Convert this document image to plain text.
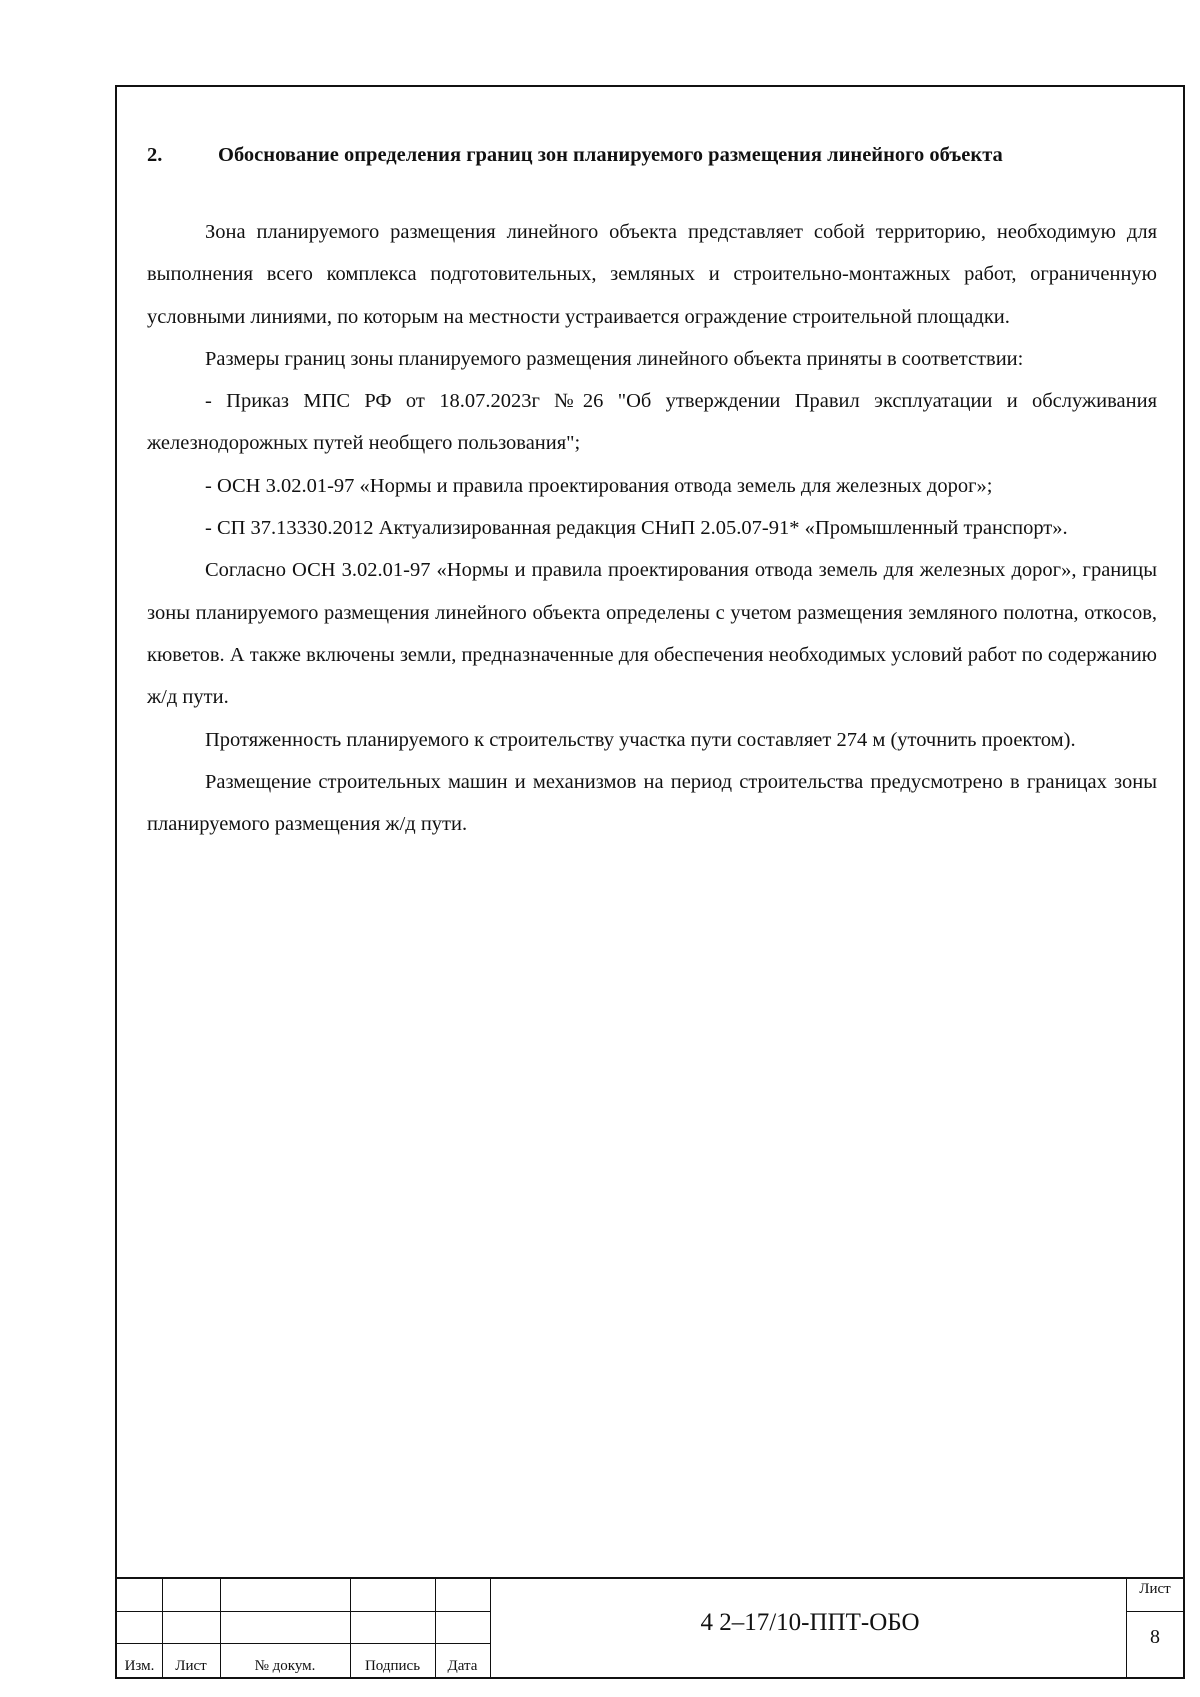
2.	Обоснование определения границ зон планируемого размещения линейного объекта

Зона планируемого размещения линейного объекта представляет собой территорию, необходимую для выполнения всего комплекса подготовительных, земляных и строительно-монтажных работ, ограниченную условными линиями, по которым на местности устраивается ограждение строительной площадки.

Размеры границ зоны планируемого размещения линейного объекта приняты в соответствии:

- Приказ МПС РФ от 18.07.2023г №26 "Об утверждении Правил эксплуатации и обслуживания железнодорожных путей необщего пользования";

- ОСН 3.02.01-97 «Нормы и правила проектирования отвода земель для железных дорог»;

- СП 37.13330.2012 Актуализированная редакция СНиП 2.05.07-91* «Промышленный транспорт».

Согласно ОСН 3.02.01-97 «Нормы и правила проектирования отвода земель для железных дорог», границы зоны планируемого размещения линейного объекта определены с учетом размещения земляного полотна, откосов, кюветов. А также включены земли, предназначенные для обеспечения необходимых условий работ по содержанию ж/д пути.

Протяженность планируемого к строительству участка пути составляет 274 м (уточнить проектом).

Размещение строительных машин и механизмов на период строительства предусмотрено в границах зоны планируемого размещения ж/д пути.

Изм.	Лист	№ докум.	Подпись	Дата
4 2–17/10-ППТ-ОБО
Лист
8
